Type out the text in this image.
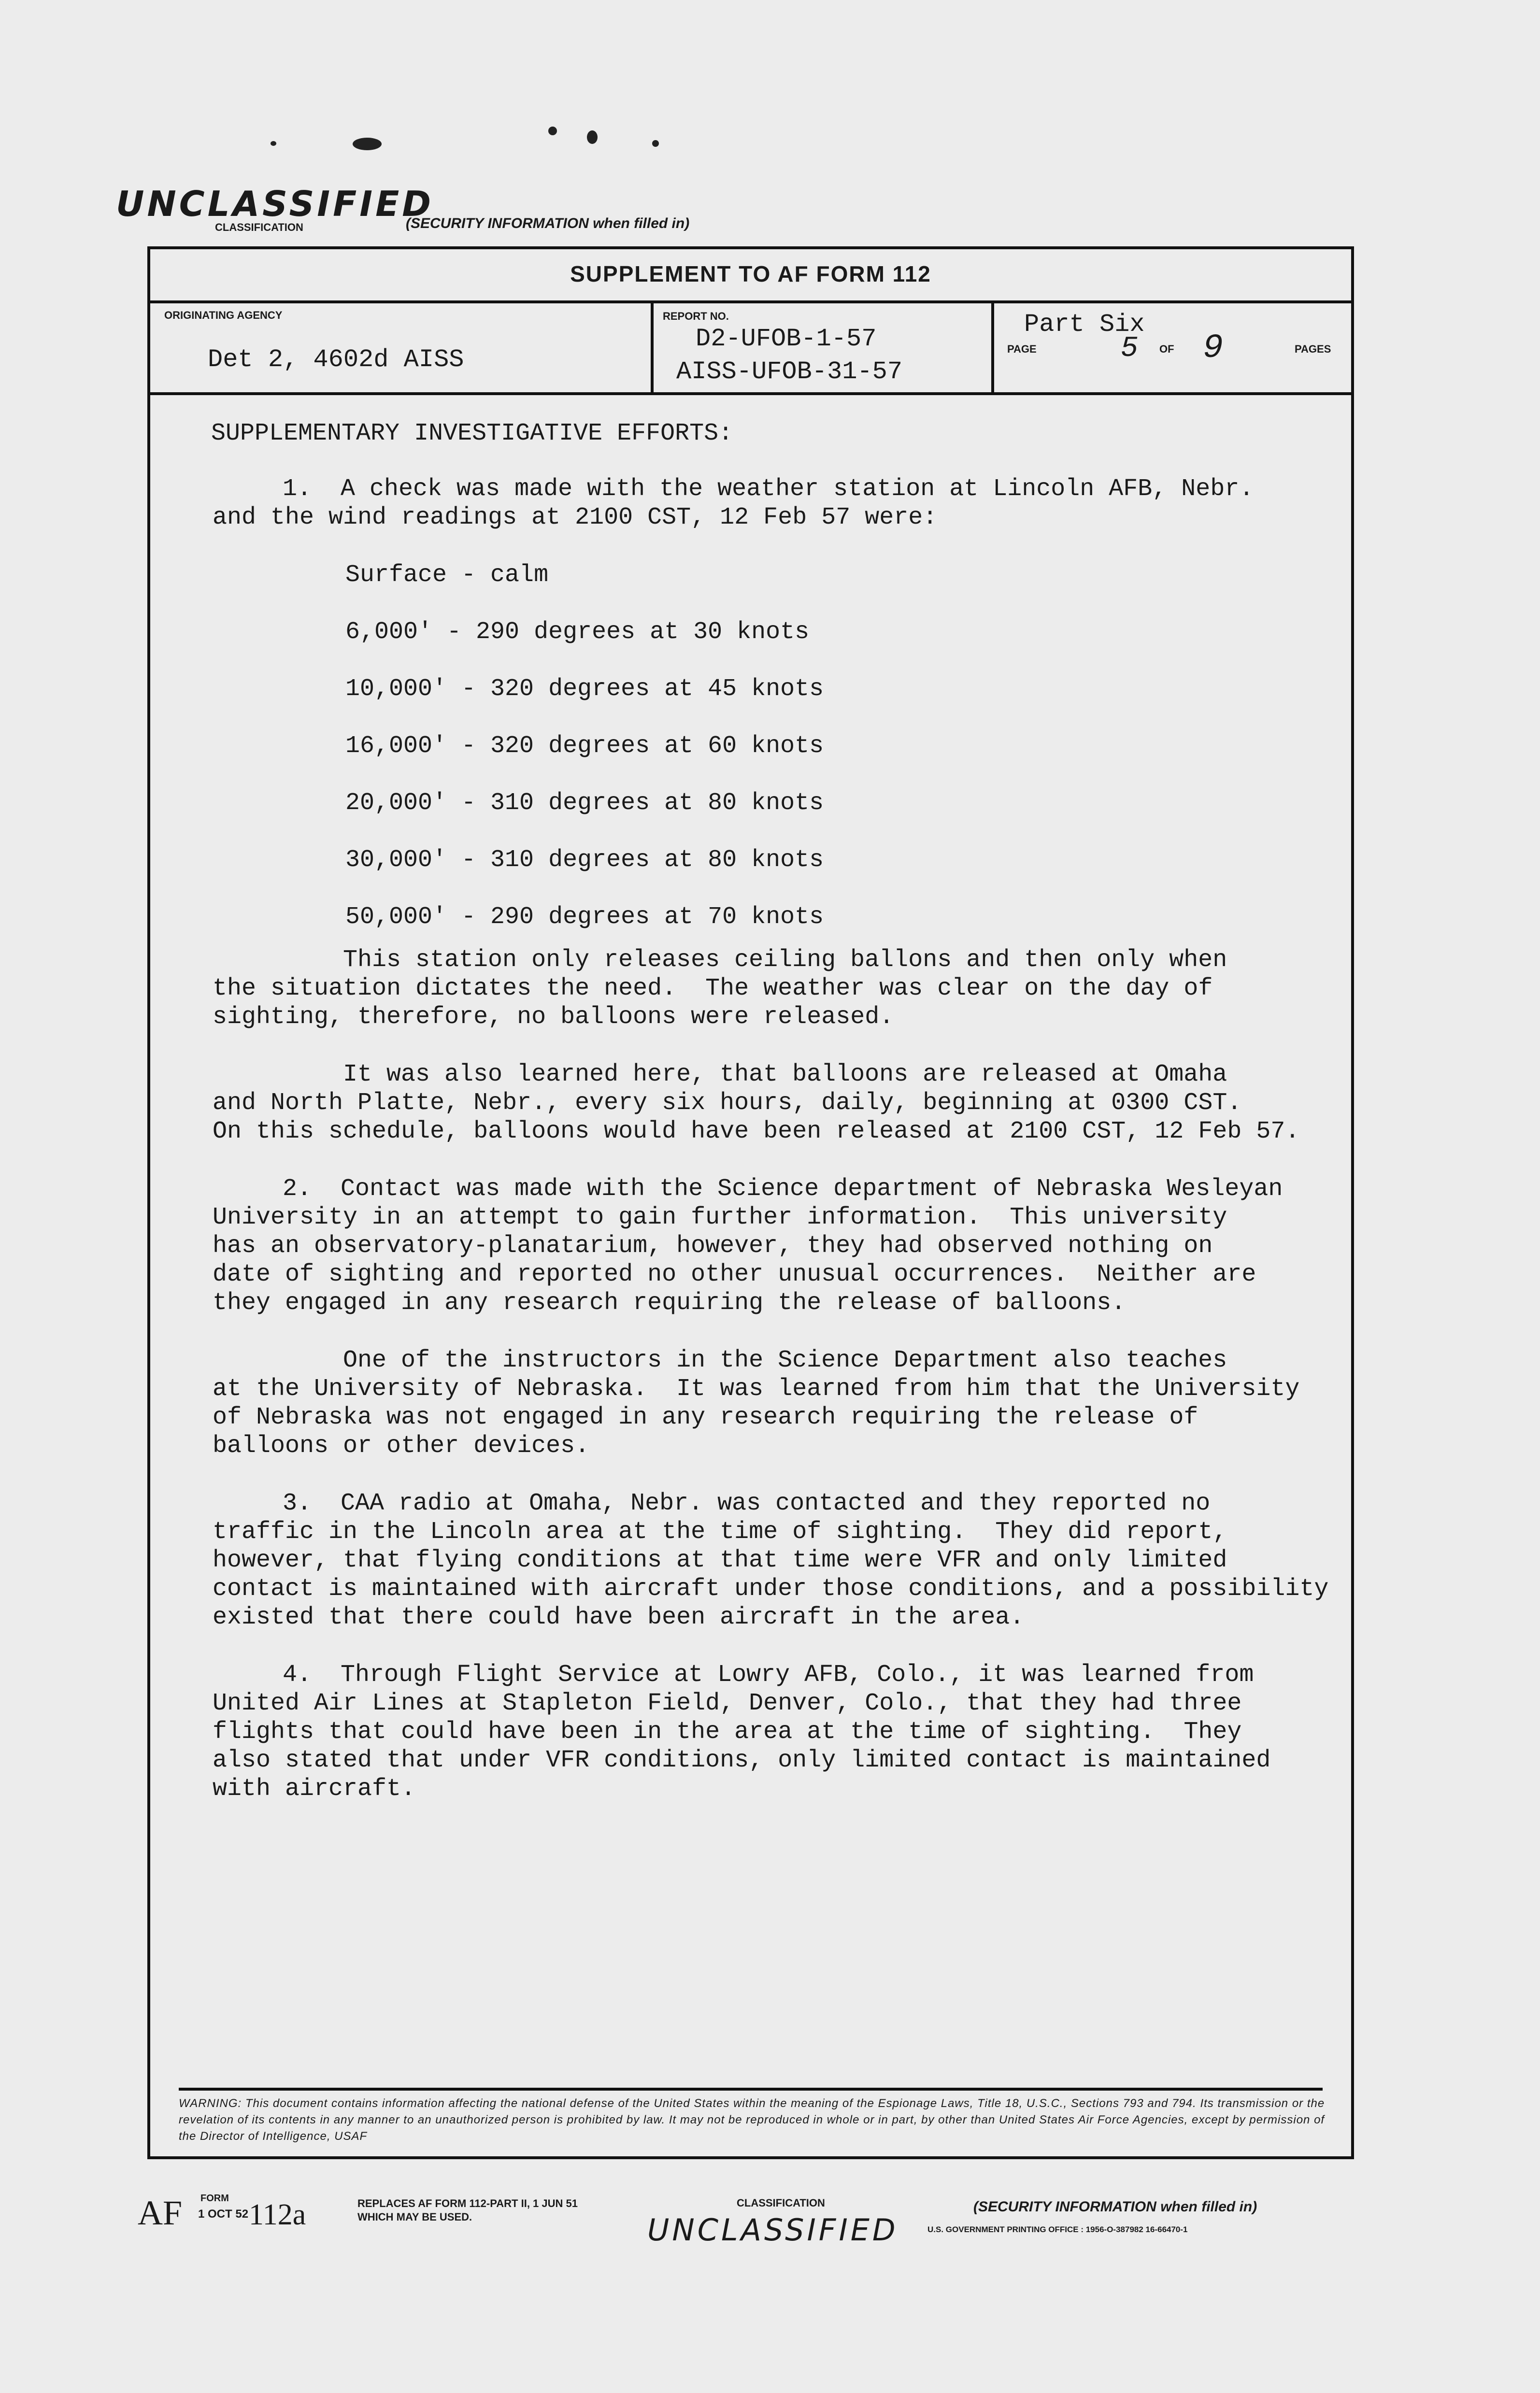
UNCLASSIFIED
CLASSIFICATION	(SECURITY INFORMATION when filled in)
SUPPLEMENT TO AF FORM 112
ORIGINATING AGENCY
Det 2, 4602d AISS
REPORT NO.
D2-UFOB-1-57
AISS-UFOB-31-57
Part Six
PAGE	5 OF 9	PAGES

SUPPLEMENTARY INVESTIGATIVE EFFORTS:

1.  A check was made with the weather station at Lincoln AFB, Nebr.
and the wind readings at 2100 CST, 12 Feb 57 were:

Surface - calm

6,000' - 290 degrees at 30 knots

10,000' - 320 degrees at 45 knots

16,000' - 320 degrees at 60 knots

20,000' - 310 degrees at 80 knots

30,000' - 310 degrees at 80 knots

50,000' - 290 degrees at 70 knots

This station only releases ceiling ballons and then only when
the situation dictates the need.  The weather was clear on the day of
sighting, therefore, no balloons were released.

It was also learned here, that balloons are released at Omaha
and North Platte, Nebr., every six hours, daily, beginning at 0300 CST.
On this schedule, balloons would have been released at 2100 CST, 12 Feb 57.

2.  Contact was made with the Science department of Nebraska Wesleyan
University in an attempt to gain further information.  This university
has an observatory-planatarium, however, they had observed nothing on
date of sighting and reported no other unusual occurrences.  Neither are
they engaged in any research requiring the release of balloons.

One of the instructors in the Science Department also teaches
at the University of Nebraska.  It was learned from him that the University
of Nebraska was not engaged in any research requiring the release of
balloons or other devices.

3.  CAA radio at Omaha, Nebr. was contacted and they reported no
traffic in the Lincoln area at the time of sighting.  They did report,
however, that flying conditions at that time were VFR and only limited
contact is maintained with aircraft under those conditions, and a possibility
existed that there could have been aircraft in the area.

4.  Through Flight Service at Lowry AFB, Colo., it was learned from
United Air Lines at Stapleton Field, Denver, Colo., that they had three
flights that could have been in the area at the time of sighting.  They
also stated that under VFR conditions, only limited contact is maintained
with aircraft.

WARNING: This document contains information affecting the national defense of the United States within the meaning of the Espionage Laws, Title 18, U.S.C., Sections 793 and 794. Its transmission or the revelation of its contents in any manner to an unauthorized person is prohibited by law. It may not be reproduced in whole or in part, by other than United States Air Force Agencies, except by permission of the Director of Intelligence, USAF
AF 112a
FORM
1 OCT 52
REPLACES AF FORM 112-PART II, 1 JUN 51
WHICH MAY BE USED.
CLASSIFICATION
UNCLASSIFIED
(SECURITY INFORMATION when filled in)
U.S. GOVERNMENT PRINTING OFFICE : 1956-O-387982 16-66470-1
